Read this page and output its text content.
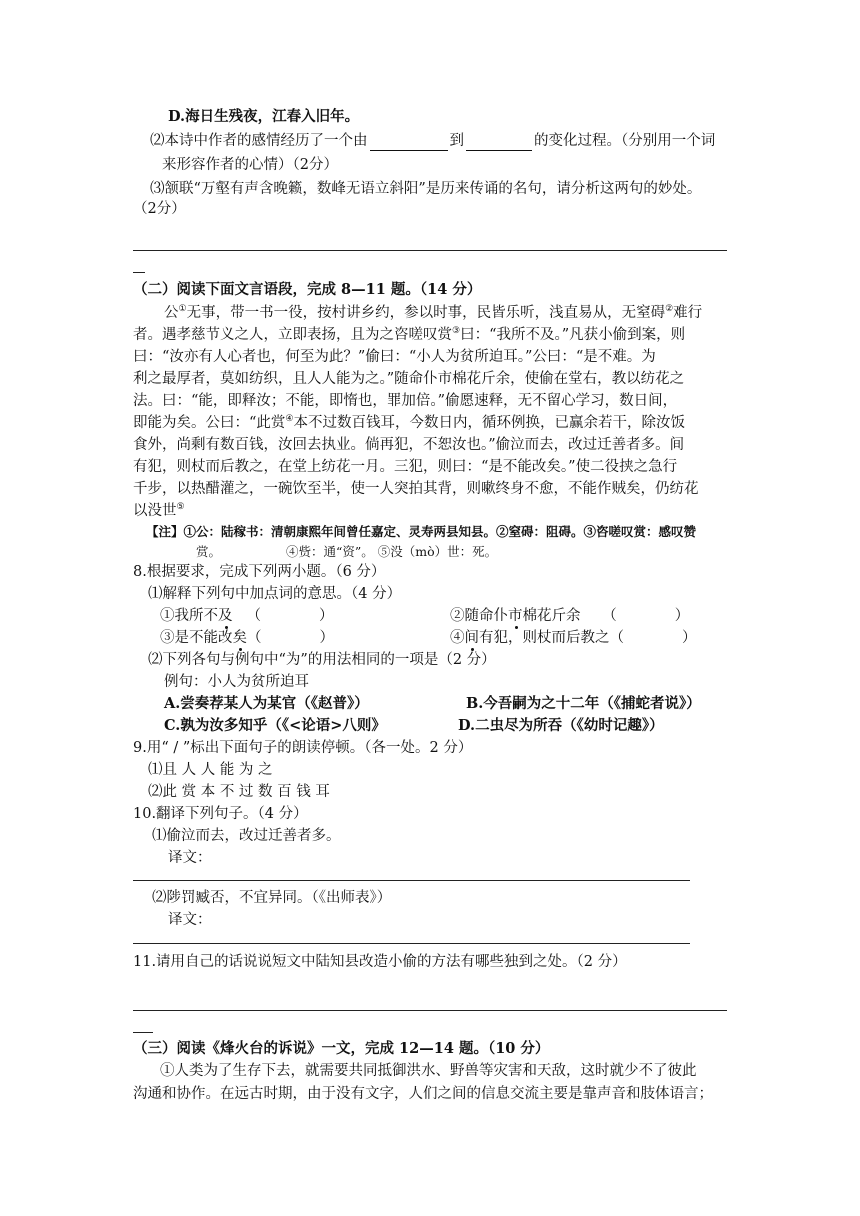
D.海日生残夜，江春入旧年。
⑵本诗中作者的感情经历了一个由	到	的变化过程。（分别用一个词
来形容作者的心情）（2分）
⑶颔联“万壑有声含晚籁，数峰无语立斜阳”是历来传诵的名句，请分析这两句的妙处。
（2分）
（二）阅读下面文言语段，完成 8—11 题。（14 分）
公①无事，带一书一役，按村讲乡约，参以时事，民皆乐听，浅直易从，无窒碍②难行
者。遇孝慈节义之人，立即表扬，且为之咨嗟叹赏③曰：“我所不及。”凡获小偷到案，则
曰：“汝亦有人心者也，何至为此？”偷曰：“小人为贫所迫耳。”公曰：“是不难。为
利之最厚者，莫如纺织，且人人能为之。”随命仆市棉花斤余，使偷在堂右，教以纺花之
法。曰：“能，即释汝；不能，即惰也，罪加倍。”偷愿速释，无不留心学习，数日间，
即能为矣。公曰：“此赏④本不过数百钱耳，今数日内，循环例换，已赢余若干，除汝饭
食外，尚剩有数百钱，汝回去执业。倘再犯，不恕汝也。”偷泣而去，改过迁善者多。间
有犯，则杖而后教之，在堂上纺花一月。三犯，则曰：“是不能改矣。”使二役挟之急行
千步，以热醋灌之，一碗饮至半，使一人突拍其背，则嗽终身不愈，不能作贼矣，仍纺花
以没世⑤
【注】①公：陆稼书：清朝康熙年间曾任嘉定、灵寿两县知县。②窒碍：阻碍。③咨嗟叹赏：感叹赞
赏。	④赀：通“资”。 ⑤没（mò）世：死。
8.根据要求，完成下列两小题。（6 分）
⑴解释下列句中加点词的意思。（4 分）
①我所不及 （　　　　）	②随命仆市棉花斤余　　（　　　　）
③是不能改矣（　　　　）	④间有犯，则杖而后教之（　　　　）
⑵下列各句与例句中“为”的用法相同的一项是（2 分）
例句：小人为贫所迫耳
A.尝奏荐某人为某官（《赵普》）	B.今吾嗣为之十二年（《捕蛇者说》）
C.孰为汝多知乎（《<论语>八则》	D.二虫尽为所吞（《幼时记趣》）
9.用“ / ”标出下面句子的朗读停顿。（各一处。2 分）
⑴且 人 人 能 为 之
⑵此 赏 本 不 过 数 百 钱 耳
10.翻译下列句子。（4 分）
⑴偷泣而去，改过迁善者多。
译文：
⑵陟罚臧否，不宜异同。（《出师表》）
译文：
11.请用自己的话说说短文中陆知县改造小偷的方法有哪些独到之处。（2 分）
（三）阅读《烽火台的诉说》一文，完成 12—14 题。（10 分）
①人类为了生存下去，就需要共同抵御洪水、野兽等灾害和天敌，这时就少不了彼此
沟通和协作。在远古时期，由于没有文字，人们之间的信息交流主要是靠声音和肢体语言；
